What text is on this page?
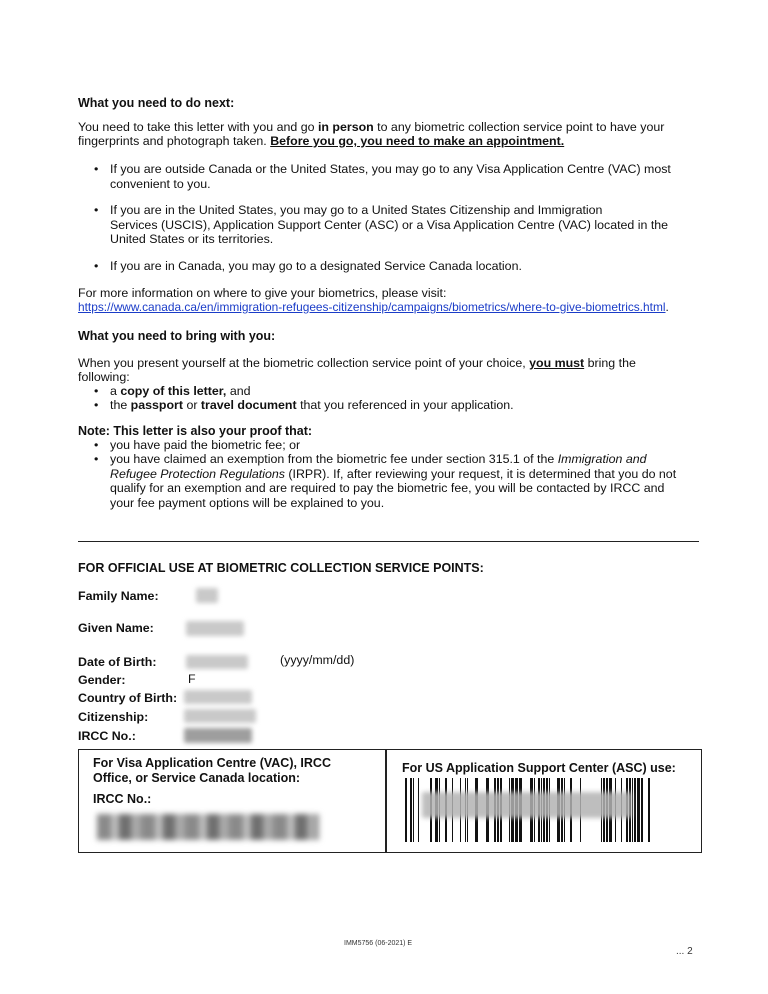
What you need to do next:
You need to take this letter with you and go in person to any biometric collection service point to have your
fingerprints and photograph taken. Before you go, you need to make an appointment.
• If you are outside Canada or the United States, you may go to any Visa Application Centre (VAC) most
convenient to you.
• If you are in the United States, you may go to a United States Citizenship and Immigration
Services (USCIS), Application Support Center (ASC) or a Visa Application Centre (VAC) located in the
United States or its territories.
• If you are in Canada, you may go to a designated Service Canada location.
For more information on where to give your biometrics, please visit:
https://www.canada.ca/en/immigration-refugees-citizenship/campaigns/biometrics/where-to-give-biometrics.html.
What you need to bring with you:
When you present yourself at the biometric collection service point of your choice, you must bring the
following:
• a copy of this letter, and
• the passport or travel document that you referenced in your application.
Note: This letter is also your proof that:
• you have paid the biometric fee; or
• you have claimed an exemption from the biometric fee under section 315.1 of the Immigration and
Refugee Protection Regulations (IRPR). If, after reviewing your request, it is determined that you do not
qualify for an exemption and are required to pay the biometric fee, you will be contacted by IRCC and
your fee payment options will be explained to you.
FOR OFFICIAL USE AT BIOMETRIC COLLECTION SERVICE POINTS:
Family Name:
Given Name:
Date of Birth:	(yyyy/mm/dd)
Gender:	F
Country of Birth:
Citizenship:
IRCC No.:
For Visa Application Centre (VAC), IRCC
Office, or Service Canada location:
IRCC No.:
For US Application Support Center (ASC) use:
IMM5756 (06-2021) E
... 2
